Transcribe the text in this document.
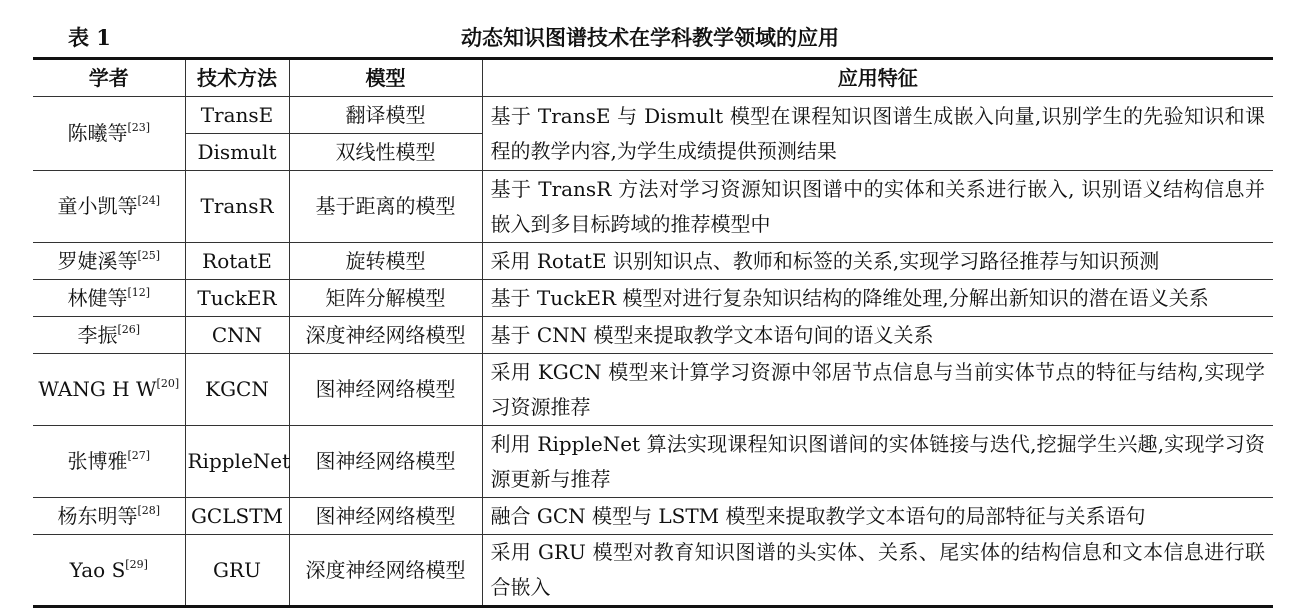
表 1	动态知识图谱技术在学科教学领域的应用
学者	技术方法	模型	应用特征
陈曦等[23]	TransE	翻译模型	基于 TransE 与 Dismult 模型在课程知识图谱生成嵌入向量,识别学生的先验知识和课程的教学内容,为学生成绩提供预测结果
	Dismult	双线性模型	
童小凯等[24]	TransR	基于距离的模型	基于 TransR 方法对学习资源知识图谱中的实体和关系进行嵌入, 识别语义结构信息并嵌入到多目标跨域的推荐模型中
罗婕溪等[25]	RotatE	旋转模型	采用 RotatE 识别知识点、教师和标签的关系,实现学习路径推荐与知识预测
林健等[12]	TuckER	矩阵分解模型	基于 TuckER 模型对进行复杂知识结构的降维处理,分解出新知识的潜在语义关系
李振[26]	CNN	深度神经网络模型	基于 CNN 模型来提取教学文本语句间的语义关系
WANG H W[20]	KGCN	图神经网络模型	采用 KGCN 模型来计算学习资源中邻居节点信息与当前实体节点的特征与结构,实现学习资源推荐
张博雅[27]	RippleNet	图神经网络模型	利用 RippleNet 算法实现课程知识图谱间的实体链接与迭代,挖掘学生兴趣,实现学习资源更新与推荐
杨东明等[28]	GCLSTM	图神经网络模型	融合 GCN 模型与 LSTM 模型来提取教学文本语句的局部特征与关系语句
Yao S[29]	GRU	深度神经网络模型	采用 GRU 模型对教育知识图谱的头实体、关系、尾实体的结构信息和文本信息进行联合嵌入
